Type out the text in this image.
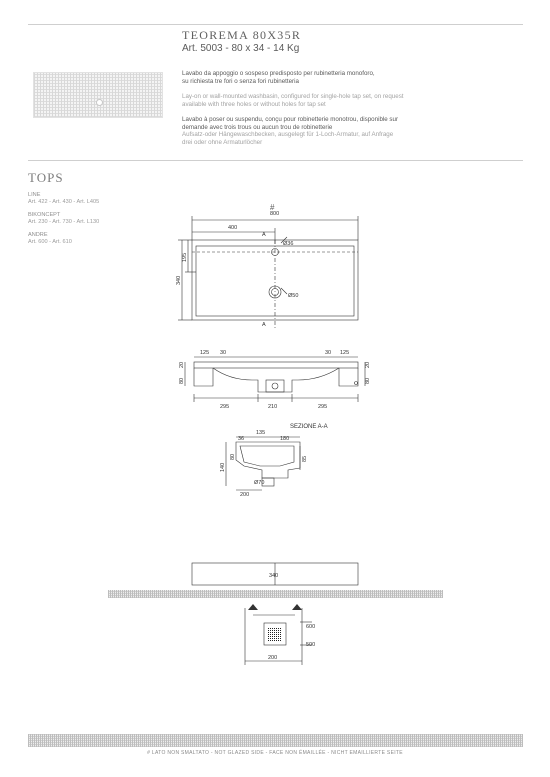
TEOREMA 80X35R
Art. 5003 - 80 x 34 - 14 Kg
Lavabo da appoggio o sospeso predisposto per rubinetteria monoforo,
su richiesta tre fori o senza fori rubinetteria
Lay-on or wall-mounted washbasin, configured for single-hole tap set, on request
available with three holes or without holes for tap set
Lavabo à poser ou suspendu, conçu pour robinetterie monotrou, disponible sur
demande avec trois trous ou aucun trou de robinetterie
Aufsatz-oder Hängewaschbecken, ausgelegt für 1-Loch-Armatur, auf Anfrage
drei oder ohne Armaturlöcher
TOPS
LINE
Art. 422 - Art. 430 - Art. L405
BIKONCEPT
Art. 230 - Art. 730 - Art. L130
ANDRE
Art. 600 - Art. 610
#
800
400
A
Ø36
Ø50
A
340
195
125 30	30 125
20
80
20
80
295	210	295
SEZIONE A-A
135
36	180
140
80	85
Ø70
200
340
600
500
200
# LATO NON SMALTATO - NOT GLAZED SIDE - FACE NON ÉMAILLÉE - NICHT EMAILLIERTE SEITE
